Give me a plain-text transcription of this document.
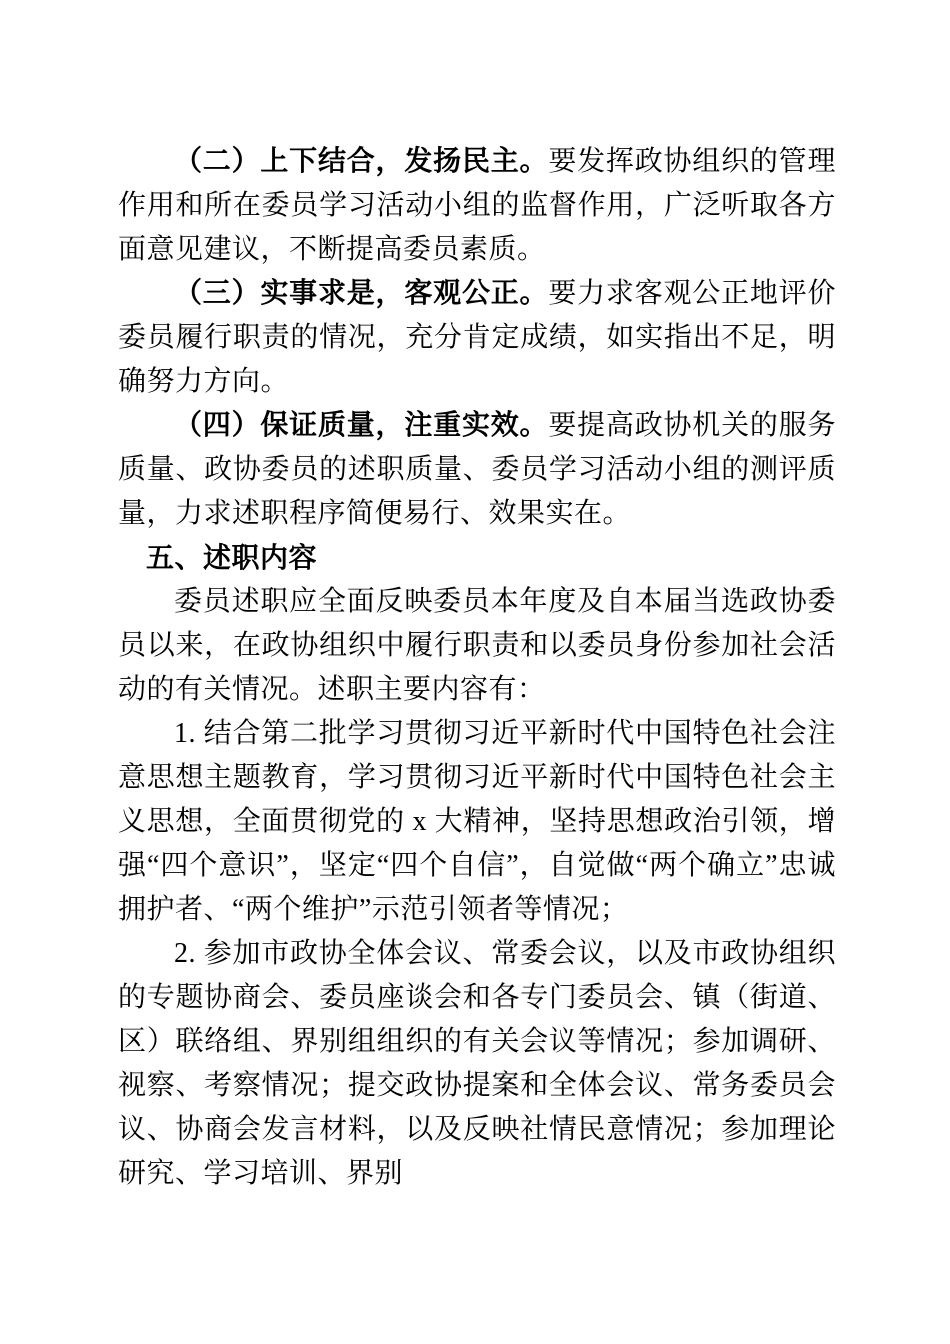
（二）上下结合，发扬民主。要发挥政协组织的管理作用和所在委员学习活动小组的监督作用，广泛听取各方面意见建议，不断提高委员素质。

（三）实事求是，客观公正。要力求客观公正地评价委员履行职责的情况，充分肯定成绩，如实指出不足，明确努力方向。

（四）保证质量，注重实效。要提高政协机关的服务质量、政协委员的述职质量、委员学习活动小组的测评质量，力求述职程序简便易行、效果实在。

五、述职内容

委员述职应全面反映委员本年度及自本届当选政协委员以来，在政协组织中履行职责和以委员身份参加社会活动的有关情况。述职主要内容有：

1. 结合第二批学习贯彻习近平新时代中国特色社会注意思想主题教育，学习贯彻习近平新时代中国特色社会主义思想，全面贯彻党的 x 大精神，坚持思想政治引领，增强“四个意识”，坚定“四个自信”，自觉做“两个确立”忠诚拥护者、“两个维护”示范引领者等情况；

2. 参加市政协全体会议、常委会议，以及市政协组织的专题协商会、委员座谈会和各专门委员会、镇（街道、区）联络组、界别组组织的有关会议等情况；参加调研、视察、考察情况；提交政协提案和全体会议、常务委员会议、协商会发言材料，以及反映社情民意情况；参加理论研究、学习培训、界别
